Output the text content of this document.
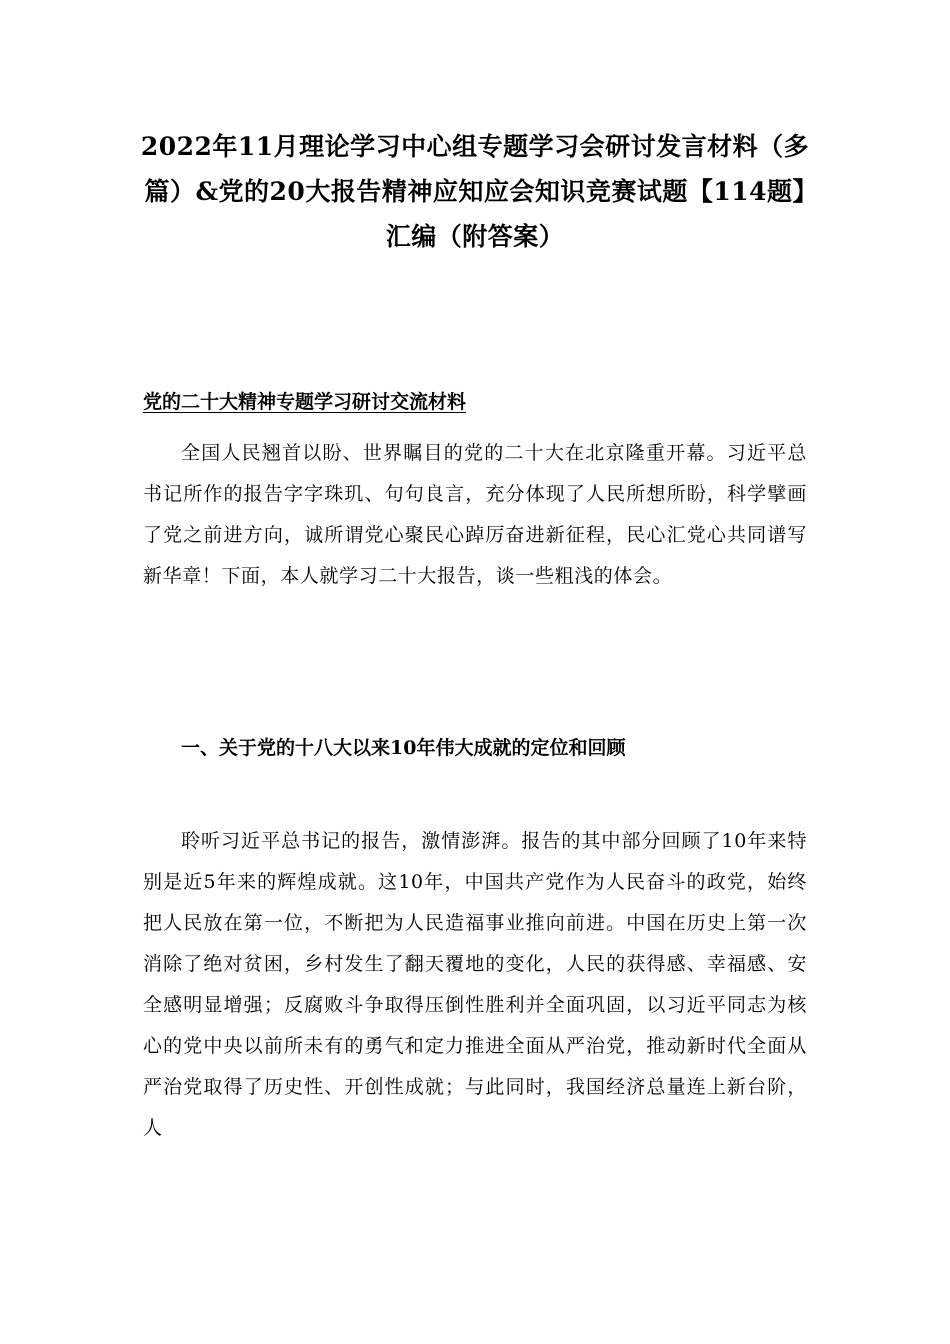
2022年11月理论学习中心组专题学习会研讨发言材料（多篇）&党的20大报告精神应知应会知识竞赛试题【114题】汇编（附答案）
党的二十大精神专题学习研讨交流材料
全国人民翘首以盼、世界瞩目的党的二十大在北京隆重开幕。习近平总书记所作的报告字字珠玑、句句良言，充分体现了人民所想所盼，科学擘画了党之前进方向，诚所谓党心聚民心踔厉奋进新征程，民心汇党心共同谱写新华章！下面，本人就学习二十大报告，谈一些粗浅的体会。
一、关于党的十八大以来10年伟大成就的定位和回顾
聆听习近平总书记的报告，激情澎湃。报告的其中部分回顾了10年来特别是近5年来的辉煌成就。这10年，中国共产党作为人民奋斗的政党，始终把人民放在第一位，不断把为人民造福事业推向前进。中国在历史上第一次消除了绝对贫困，乡村发生了翻天覆地的变化，人民的获得感、幸福感、安全感明显增强；反腐败斗争取得压倒性胜利并全面巩固，以习近平同志为核心的党中央以前所未有的勇气和定力推进全面从严治党，推动新时代全面从严治党取得了历史性、开创性成就；与此同时，我国经济总量连上新台阶，人
